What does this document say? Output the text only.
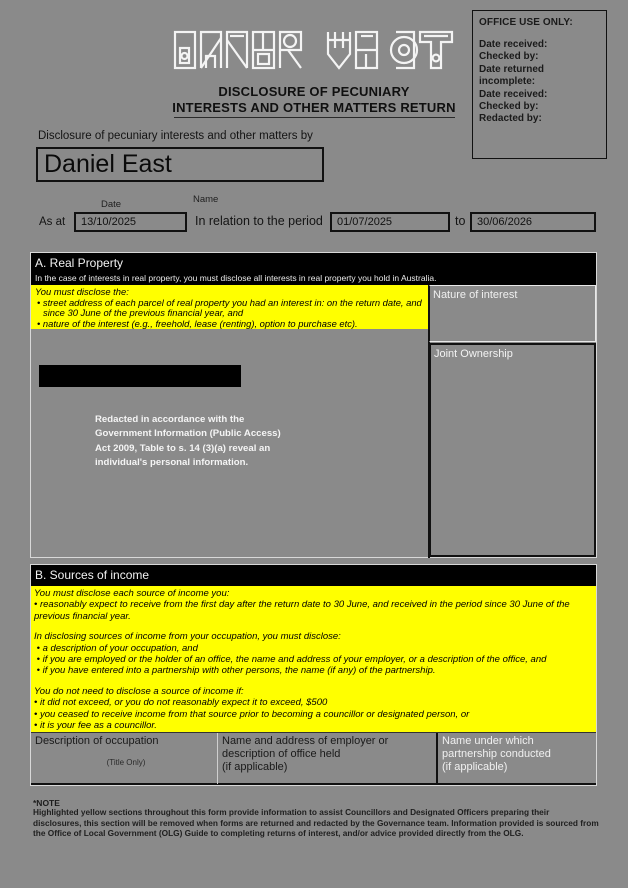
OFFICE USE ONLY:
Date received:
Checked by:
Date returned
incomplete:
Date received:
Checked by:
Redacted by:
DISCLOSURE OF PECUNIARY
INTERESTS AND OTHER MATTERS RETURN
Disclosure of pecuniary interests and other matters by
Daniel East
Date	Name
As at	13/10/2025	In relation to the period	01/07/2025	to	30/06/2026
A. Real Property
In the case of interests in real property, you must disclose all interests in real property you hold in Australia.
You must disclose the:
• street address of each parcel of real property you had an interest in: on the return date, and since 30 June of the previous financial year, and
• nature of the interest (e.g., freehold, lease (renting), option to purchase etc).
Nature of interest
Joint Ownership
Redacted in accordance with the Government Information (Public Access) Act 2009, Table to s. 14 (3)(a) reveal an individual's personal information.
B. Sources of income

You must disclose each source of income you:

• reasonably expect to receive from the first day after the return date to 30 June, and received in the period since 30 June of the previous financial year.

In disclosing sources of income from your occupation, you must disclose:

• a description of your occupation, and

• if you are employed or the holder of an office, the name and address of your employer, or a description of the office, and

• if you have entered into a partnership with other persons, the name (if any) of the partnership.

You do not need to disclose a source of income if:

• it did not exceed, or you do not reasonably expect it to exceed, $500

• you ceased to receive income from that source prior to becoming a councillor or designated person, or

• it is your fee as a councillor.

Description of occupation
(Title Only)
Name and address of employer or
description of office held
(if applicable)
Name under which
partnership conducted
(if applicable)
*NOTE
Highlighted yellow sections throughout this form provide information to assist Councillors and Designated Officers preparing their disclosures, this section will be removed when forms are returned and redacted by the Governance team. Information provided is sourced from the Office of Local Government (OLG) Guide to completing returns of interest, and/or advice provided directly from the OLG.
